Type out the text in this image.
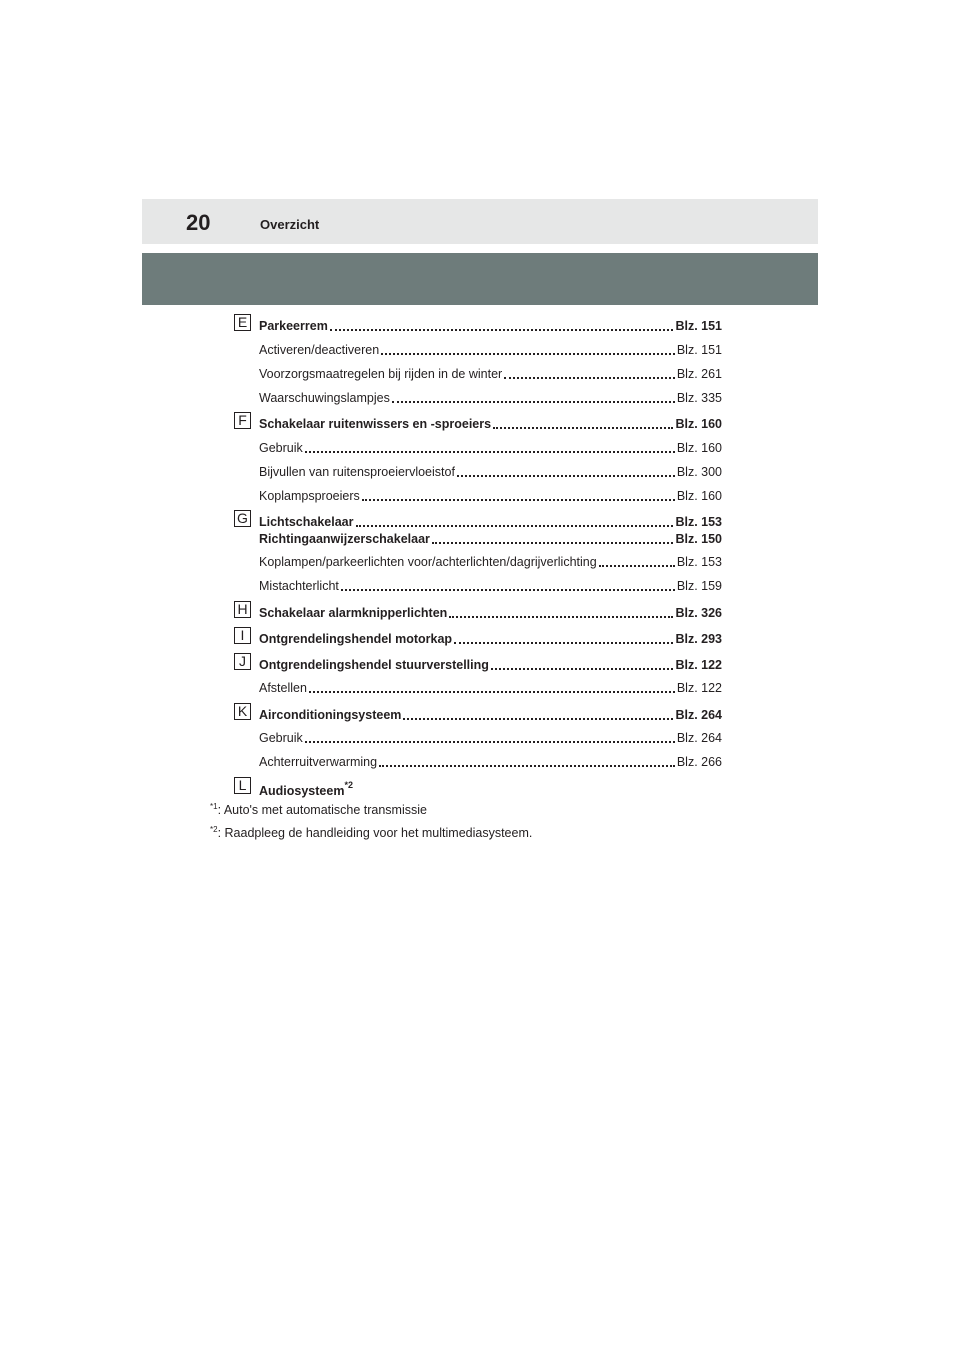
20	Overzicht
E Parkeerrem	Blz. 151
Activeren/deactiveren	Blz. 151
Voorzorgsmaatregelen bij rijden in de winter	Blz. 261
Waarschuwingslampjes	Blz. 335
F Schakelaar ruitenwissers en -sproeiers	Blz. 160
Gebruik	Blz. 160
Bijvullen van ruitensproeiervloeistof	Blz. 300
Koplampsproeiers	Blz. 160
G Lichtschakelaar	Blz. 153
Richtingaanwijzerschakelaar	Blz. 150
Koplampen/parkeerlichten voor/achterlichten/dagrijverlichting	Blz. 153
Mistachterlicht	Blz. 159
H Schakelaar alarmknipperlichten	Blz. 326
I	Ontgrendelingshendel motorkap	Blz. 293
J	Ontgrendelingshendel stuurverstelling	Blz. 122
Afstellen	Blz. 122
K Airconditioningsysteem	Blz. 264
Gebruik	Blz. 264
Achterruitverwarming	Blz. 266
L	Audiosysteem$^{*2}$
$^{*1}$: Auto's met automatische transmissie
$^{*2}$: Raadpleeg de handleiding voor het multimediasysteem.
